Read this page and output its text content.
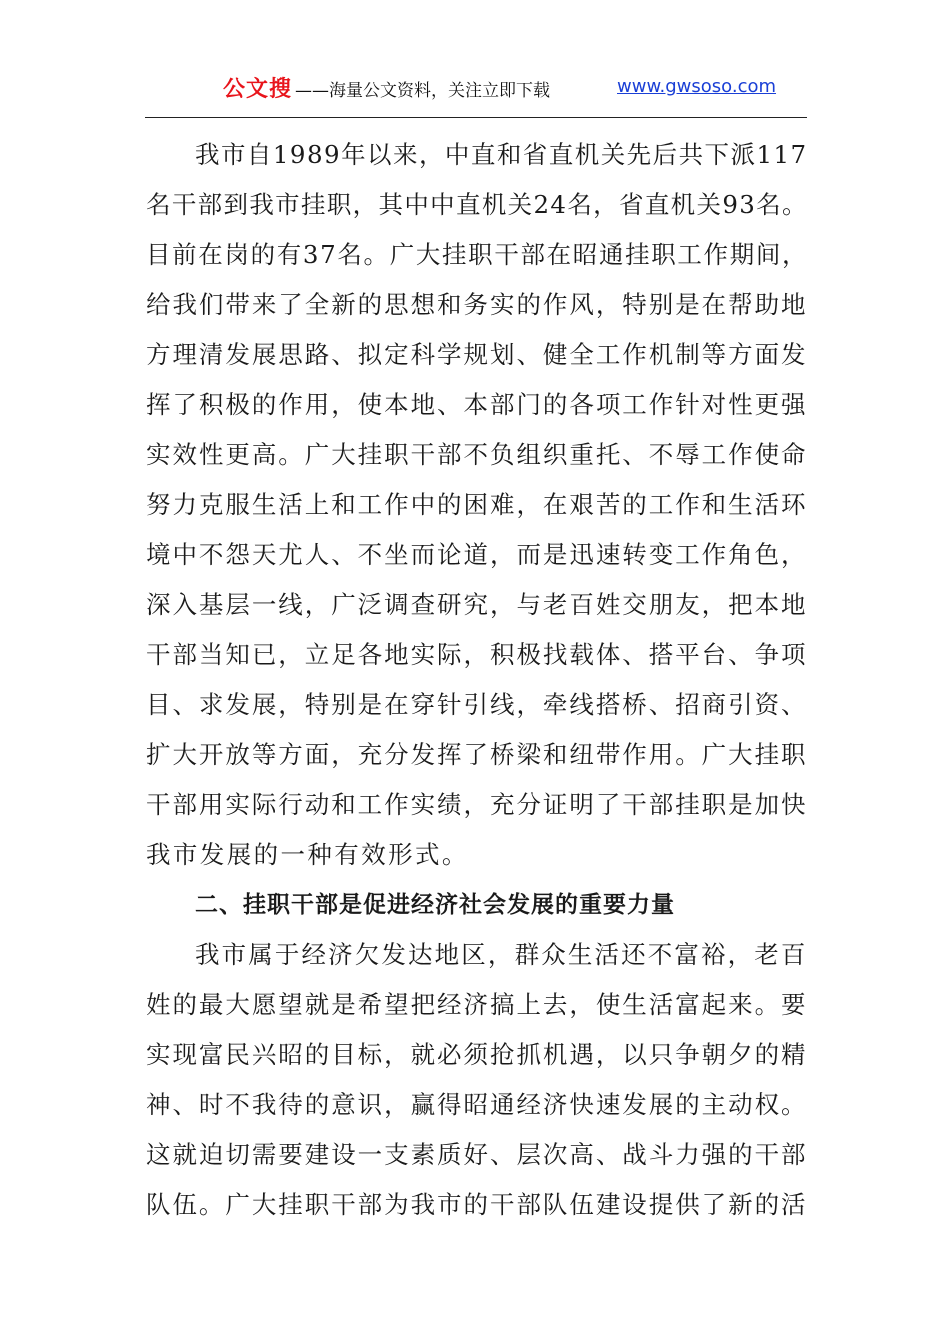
公文搜 ——海量公文资料，关注立即下载	www.gwsoso.com
我市自1989年以来，中直和省直机关先后共下派117
名干部到我市挂职，其中中直机关24名，省直机关93名。
目前在岗的有37名。广大挂职干部在昭通挂职工作期间，
给我们带来了全新的思想和务实的作风，特别是在帮助地
方理清发展思路、拟定科学规划、健全工作机制等方面发
挥了积极的作用，使本地、本部门的各项工作针对性更强
实效性更高。广大挂职干部不负组织重托、不辱工作使命
努力克服生活上和工作中的困难，在艰苦的工作和生活环
境中不怨天尤人、不坐而论道，而是迅速转变工作角色，
深入基层一线，广泛调查研究，与老百姓交朋友，把本地
干部当知已，立足各地实际，积极找载体、搭平台、争项
目、求发展，特别是在穿针引线，牵线搭桥、招商引资、
扩大开放等方面，充分发挥了桥梁和纽带作用。广大挂职
干部用实际行动和工作实绩，充分证明了干部挂职是加快
我市发展的一种有效形式。
二、挂职干部是促进经济社会发展的重要力量
我市属于经济欠发达地区，群众生活还不富裕，老百
姓的最大愿望就是希望把经济搞上去，使生活富起来。要
实现富民兴昭的目标，就必须抢抓机遇，以只争朝夕的精
神、时不我待的意识，赢得昭通经济快速发展的主动权。
这就迫切需要建设一支素质好、层次高、战斗力强的干部
队伍。广大挂职干部为我市的干部队伍建设提供了新的活
